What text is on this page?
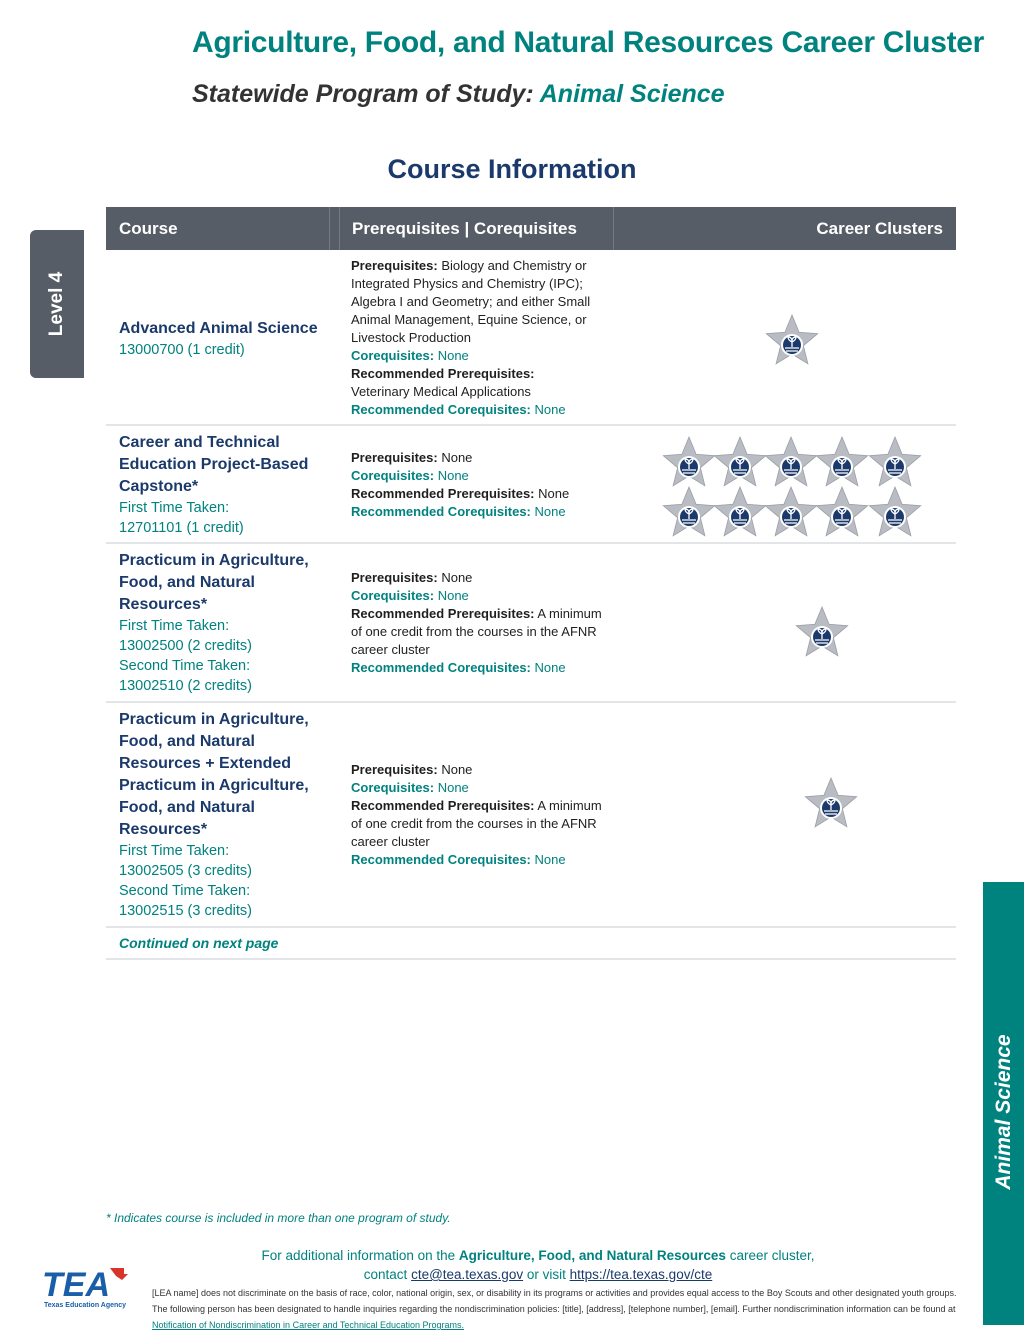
Agriculture, Food, and Natural Resources Career Cluster
Statewide Program of Study: Animal Science
Course Information
Level 4
Animal Science
Course	Prerequisites | Corequisites	Career Clusters
Advanced Animal Science
13000700 (1 credit)
Prerequisites: Biology and Chemistry or Integrated Physics and Chemistry (IPC); Algebra I and Geometry; and either Small Animal Management, Equine Science, or Livestock Production
Corequisites: None
Recommended Prerequisites:
Veterinary Medical Applications
Recommended Corequisites: None
Career and Technical Education Project-Based Capstone*
First Time Taken:
12701101 (1 credit)
Prerequisites: None
Corequisites: None
Recommended Prerequisites: None
Recommended Corequisites: None
Practicum in Agriculture, Food, and Natural Resources*
First Time Taken:
13002500 (2 credits)
Second Time Taken:
13002510 (2 credits)
Prerequisites: None
Corequisites: None
Recommended Prerequisites: A minimum of one credit from the courses in the AFNR career cluster
Recommended Corequisites: None
Practicum in Agriculture, Food, and Natural Resources + Extended Practicum in Agriculture, Food, and Natural Resources*
First Time Taken:
13002505 (3 credits)
Second Time Taken:
13002515 (3 credits)
Prerequisites: None
Corequisites: None
Recommended Prerequisites: A minimum of one credit from the courses in the AFNR career cluster
Recommended Corequisites: None
Continued on next page
* Indicates course is included in more than one program of study.
For additional information on the Agriculture, Food, and Natural Resources career cluster,
contact cte@tea.texas.gov or visit https://tea.texas.gov/cte
[LEA name] does not discriminate on the basis of race, color, national origin, sex, or disability in its programs or activities and provides equal access to the Boy Scouts and other designated youth groups. The following person has been designated to handle inquiries regarding the nondiscrimination policies: [title], [address], [telephone number], [email]. Further nondiscrimination information can be found at Notification of Nondiscrimination in Career and Technical Education Programs.
TEA
Texas Education Agency
